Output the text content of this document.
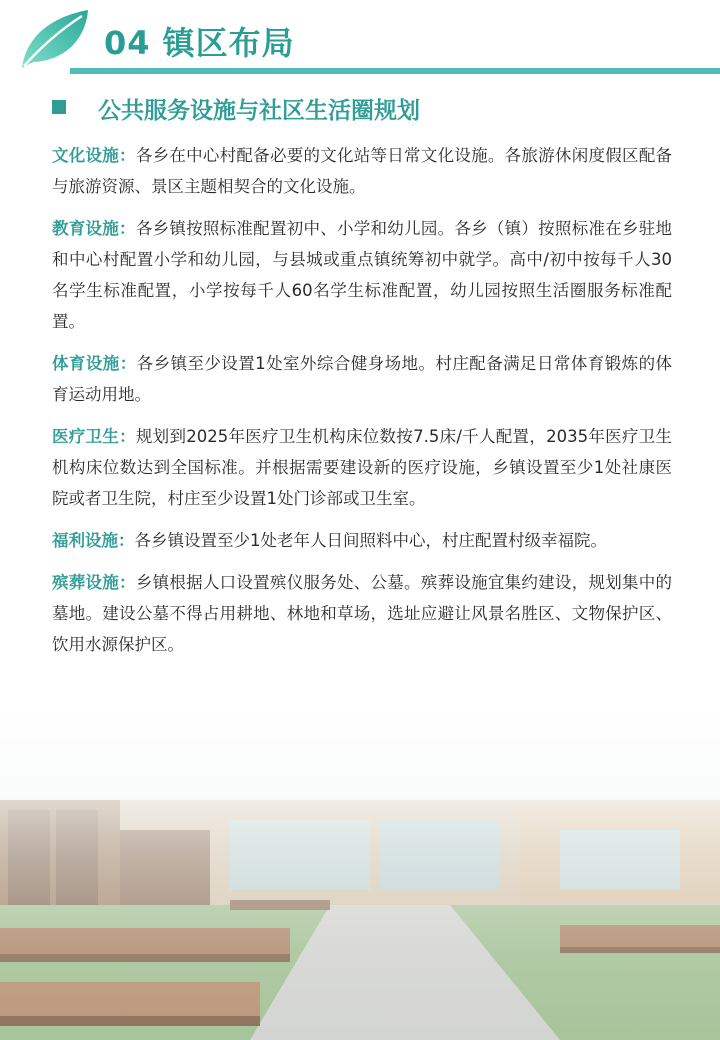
04 镇区布局
公共服务设施与社区生活圈规划

文化设施：各乡在中心村配备必要的文化站等日常文化设施。各旅游休闲度假区配备与旅游资源、景区主题相契合的文化设施。

教育设施：各乡镇按照标准配置初中、小学和幼儿园。各乡（镇）按照标准在乡驻地和中心村配置小学和幼儿园，与县城或重点镇统筹初中就学。高中/初中按每千人30名学生标准配置，小学按每千人60名学生标准配置，幼儿园按照生活圈服务标准配置。

体育设施：各乡镇至少设置1处室外综合健身场地。村庄配备满足日常体育锻炼的体育运动用地。

医疗卫生：规划到2025年医疗卫生机构床位数按7.5床/千人配置，2035年医疗卫生机构床位数达到全国标准。并根据需要建设新的医疗设施，乡镇设置至少1处社康医院或者卫生院，村庄至少设置1处门诊部或卫生室。

福利设施：各乡镇设置至少1处老年人日间照料中心，村庄配置村级幸福院。

殡葬设施：乡镇根据人口设置殡仪服务处、公墓。殡葬设施宜集约建设，规划集中的墓地。建设公墓不得占用耕地、林地和草场，选址应避让风景名胜区、文物保护区、饮用水源保护区。
